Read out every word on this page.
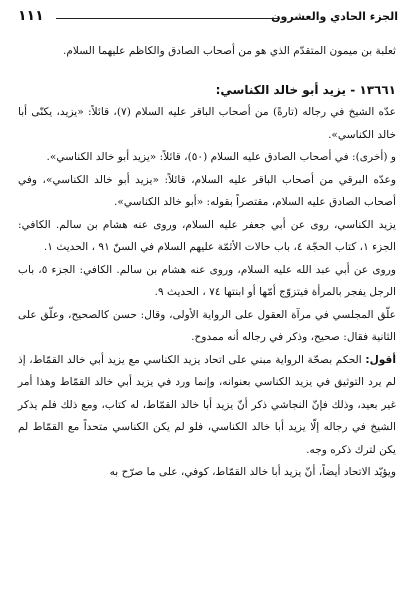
الجزء الحادي والعشرون
١١١

ثعلبة بن ميمون المتقدّم الذي هو من أصحاب الصادق والكاظم عليهما السلام.

١٣٦٦١ - يزيد أبو خالد الكناسي:

عدّه الشيخ في رجاله (تارةً) من أصحاب الباقر عليه السلام (٧)، قائلاً: «يزيد، يكنّى أبا خالد الكناسي».

و (أخرى): في أصحاب الصادق عليه السلام (٥٠)، قائلاً: «يزيد أبو خالد الكناسي».

وعدّه البرقي من أصحاب الباقر عليه السلام، قائلاً: «يزيد أبو خالد الكناسي»، وفي أصحاب الصادق عليه السلام، مقتصراً بقوله: «أبو خالد الكناسي».

يزيد الكناسي، روى عن أبي جعفر عليه السلام، وروى عنه هشام بن سالم. الكافي: الجزء ١، كتاب الحجّة ٤، باب حالات الأئمّة عليهم السلام في السنّ ٩١ ، الحديث ١.

وروى عن أبي عبد الله عليه السلام، وروى عنه هشام بن سالم. الكافي: الجزء ٥، باب الرجل يفجر بالمرأة فيتزوّج أمّها أو ابنتها ٧٤ ، الحديث ٩.

علّق المجلسي في مرآة العقول على الرواية الأولى، وقال: حسن كالصحيح، وعلّق على الثانية فقال: صحيح، وذكر في رجاله أنه ممدوح.

أقول: الحكم بصحّة الرواية مبني على اتحاد يزيد الكناسي مع يزيد أبي خالد القمّاط، إذ لم يرد التوثيق في يزيد الكناسي بعنوانه، وإنما ورد في يزيد أبي خالد القمّاط وهذا أمر غير بعيد، وذلك فإنّ النجاشي ذكر أنّ يزيد أبا خالد القمّاط، له كتاب، ومع ذلك فلم يذكر الشيخ في رجاله إلّا يزيد أبا خالد الكناسي، فلو لم يكن الكناسي متحداً مع القمّاط لم يكن لترك ذكره وجه.

ويؤيّد الاتحاد أيضاً، أنّ يزيد أبا خالد القمّاط، كوفي، على ما صرّح به
